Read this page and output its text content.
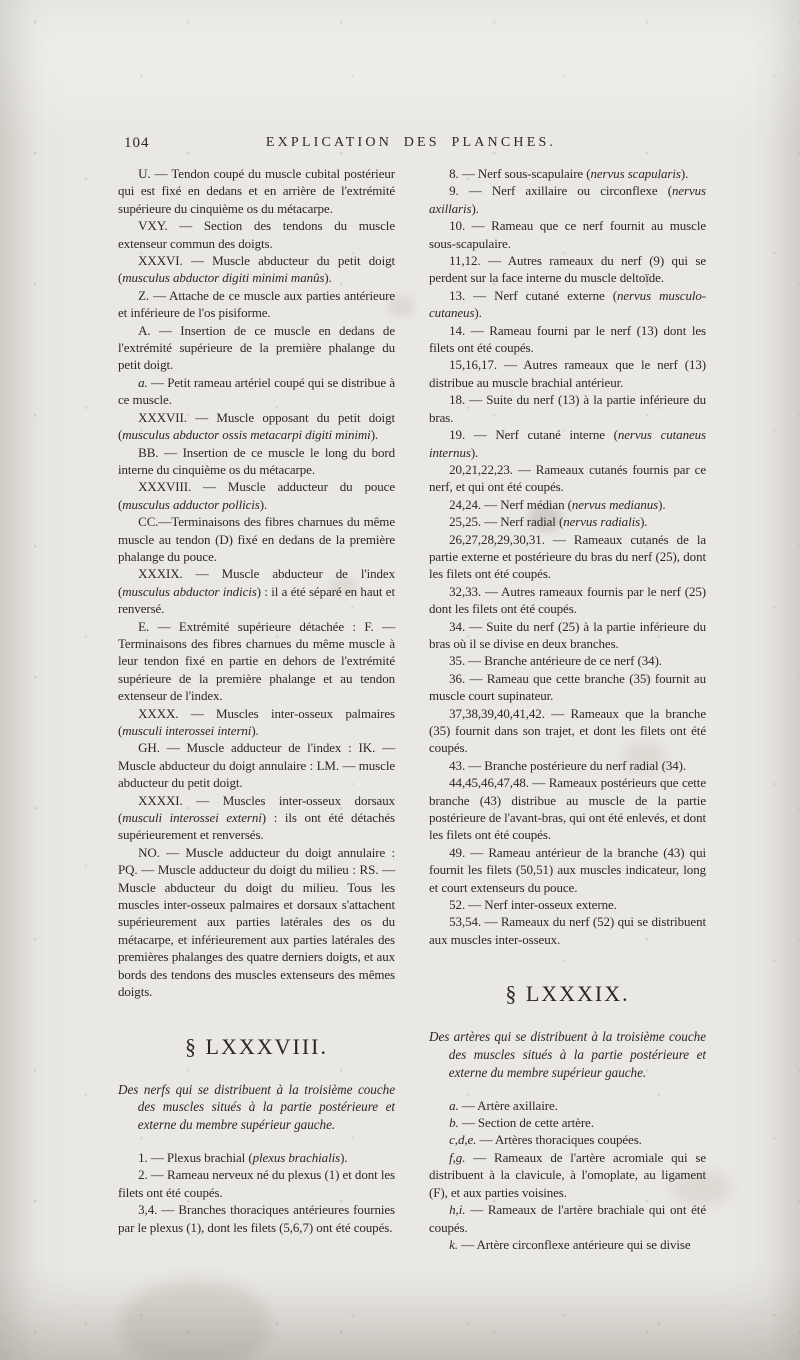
104	EXPLICATION DES PLANCHES.

U. — Tendon coupé du muscle cubital postérieur qui est fixé en dedans et en arrière de l'extrémité supérieure du cinquième os du métacarpe.

VXY. — Section des tendons du muscle extenseur commun des doigts.

XXXVI. — Muscle abducteur du petit doigt (musculus abductor digiti minimi manûs).

Z. — Attache de ce muscle aux parties antérieure et inférieure de l'os pisiforme.

A. — Insertion de ce muscle en dedans de l'extrémité supérieure de la première phalange du petit doigt.

a. — Petit rameau artériel coupé qui se distribue à ce muscle.

XXXVII. — Muscle opposant du petit doigt (musculus abductor ossis metacarpi digiti minimi).

BB. — Insertion de ce muscle le long du bord interne du cinquième os du métacarpe.

XXXVIII. — Muscle adducteur du pouce (musculus adductor pollicis).

CC.—Terminaisons des fibres charnues du même muscle au tendon (D) fixé en dedans de la première phalange du pouce.

XXXIX. — Muscle abducteur de l'index (musculus abductor indicis) : il a été séparé en haut et renversé.

E. — Extrémité supérieure détachée : F. — Terminaisons des fibres charnues du même muscle à leur tendon fixé en partie en dehors de l'extrémité supérieure de la première phalange et au tendon extenseur de l'index.

XXXX. — Muscles inter-osseux palmaires (musculi interossei interni).

GH. — Muscle adducteur de l'index : IK. — Muscle abducteur du doigt annulaire : LM. — muscle abducteur du petit doigt.

XXXXI. — Muscles inter-osseux dorsaux (musculi interossei externi) : ils ont été détachés supérieurement et renversés.

NO. — Muscle adducteur du doigt annulaire : PQ. — Muscle adducteur du doigt du milieu : RS. — Muscle abducteur du doigt du milieu. Tous les muscles inter-osseux palmaires et dorsaux s'attachent supérieurement aux parties latérales des os du métacarpe, et inférieurement aux parties latérales des premières phalanges des quatre derniers doigts, et aux bords des tendons des muscles extenseurs des mêmes doigts.

§ LXXXVIII.

Des nerfs qui se distribuent à la troisième couche des muscles situés à la partie postérieure et externe du membre supérieur gauche.

1. — Plexus brachial (plexus brachialis).

2. — Rameau nerveux né du plexus (1) et dont les filets ont été coupés.

3,4. — Branches thoraciques antérieures fournies par le plexus (1), dont les filets (5,6,7) ont été coupés.

8. — Nerf sous-scapulaire (nervus scapularis).

9. — Nerf axillaire ou circonflexe (nervus axillaris).

10. — Rameau que ce nerf fournit au muscle sous-scapulaire.

11,12. — Autres rameaux du nerf (9) qui se perdent sur la face interne du muscle deltoïde.

13. — Nerf cutané externe (nervus musculo-cutaneus).

14. — Rameau fourni par le nerf (13) dont les filets ont été coupés.

15,16,17. — Autres rameaux que le nerf (13) distribue au muscle brachial antérieur.

18. — Suite du nerf (13) à la partie inférieure du bras.

19. — Nerf cutané interne (nervus cutaneus internus).

20,21,22,23. — Rameaux cutanés fournis par ce nerf, et qui ont été coupés.

24,24. — Nerf médian (nervus medianus).

25,25. — Nerf radial (nervus radialis).

26,27,28,29,30,31. — Rameaux cutanés de la partie externe et postérieure du bras du nerf (25), dont les filets ont été coupés.

32,33. — Autres rameaux fournis par le nerf (25) dont les filets ont été coupés.

34. — Suite du nerf (25) à la partie inférieure du bras où il se divise en deux branches.

35. — Branche antérieure de ce nerf (34).

36. — Rameau que cette branche (35) fournit au muscle court supinateur.

37,38,39,40,41,42. — Rameaux que la branche (35) fournit dans son trajet, et dont les filets ont été coupés.

43. — Branche postérieure du nerf radial (34).

44,45,46,47,48. — Rameaux postérieurs que cette branche (43) distribue au muscle de la partie postérieure de l'avant-bras, qui ont été enlevés, et dont les filets ont été coupés.

49. — Rameau antérieur de la branche (43) qui fournit les filets (50,51) aux muscles indicateur, long et court extenseurs du pouce.

52. — Nerf inter-osseux externe.

53,54. — Rameaux du nerf (52) qui se distribuent aux muscles inter-osseux.

§ LXXXIX.

Des artères qui se distribuent à la troisième couche des muscles situés à la partie postérieure et externe du membre supérieur gauche.

a. — Artère axillaire.

b. — Section de cette artère.

c,d,e. — Artères thoraciques coupées.

f,g. — Rameaux de l'artère acromiale qui se distribuent à la clavicule, à l'omoplate, au ligament (F), et aux parties voisines.

h,i. — Rameaux de l'artère brachiale qui ont été coupés.

k. — Artère circonflexe antérieure qui se divise
